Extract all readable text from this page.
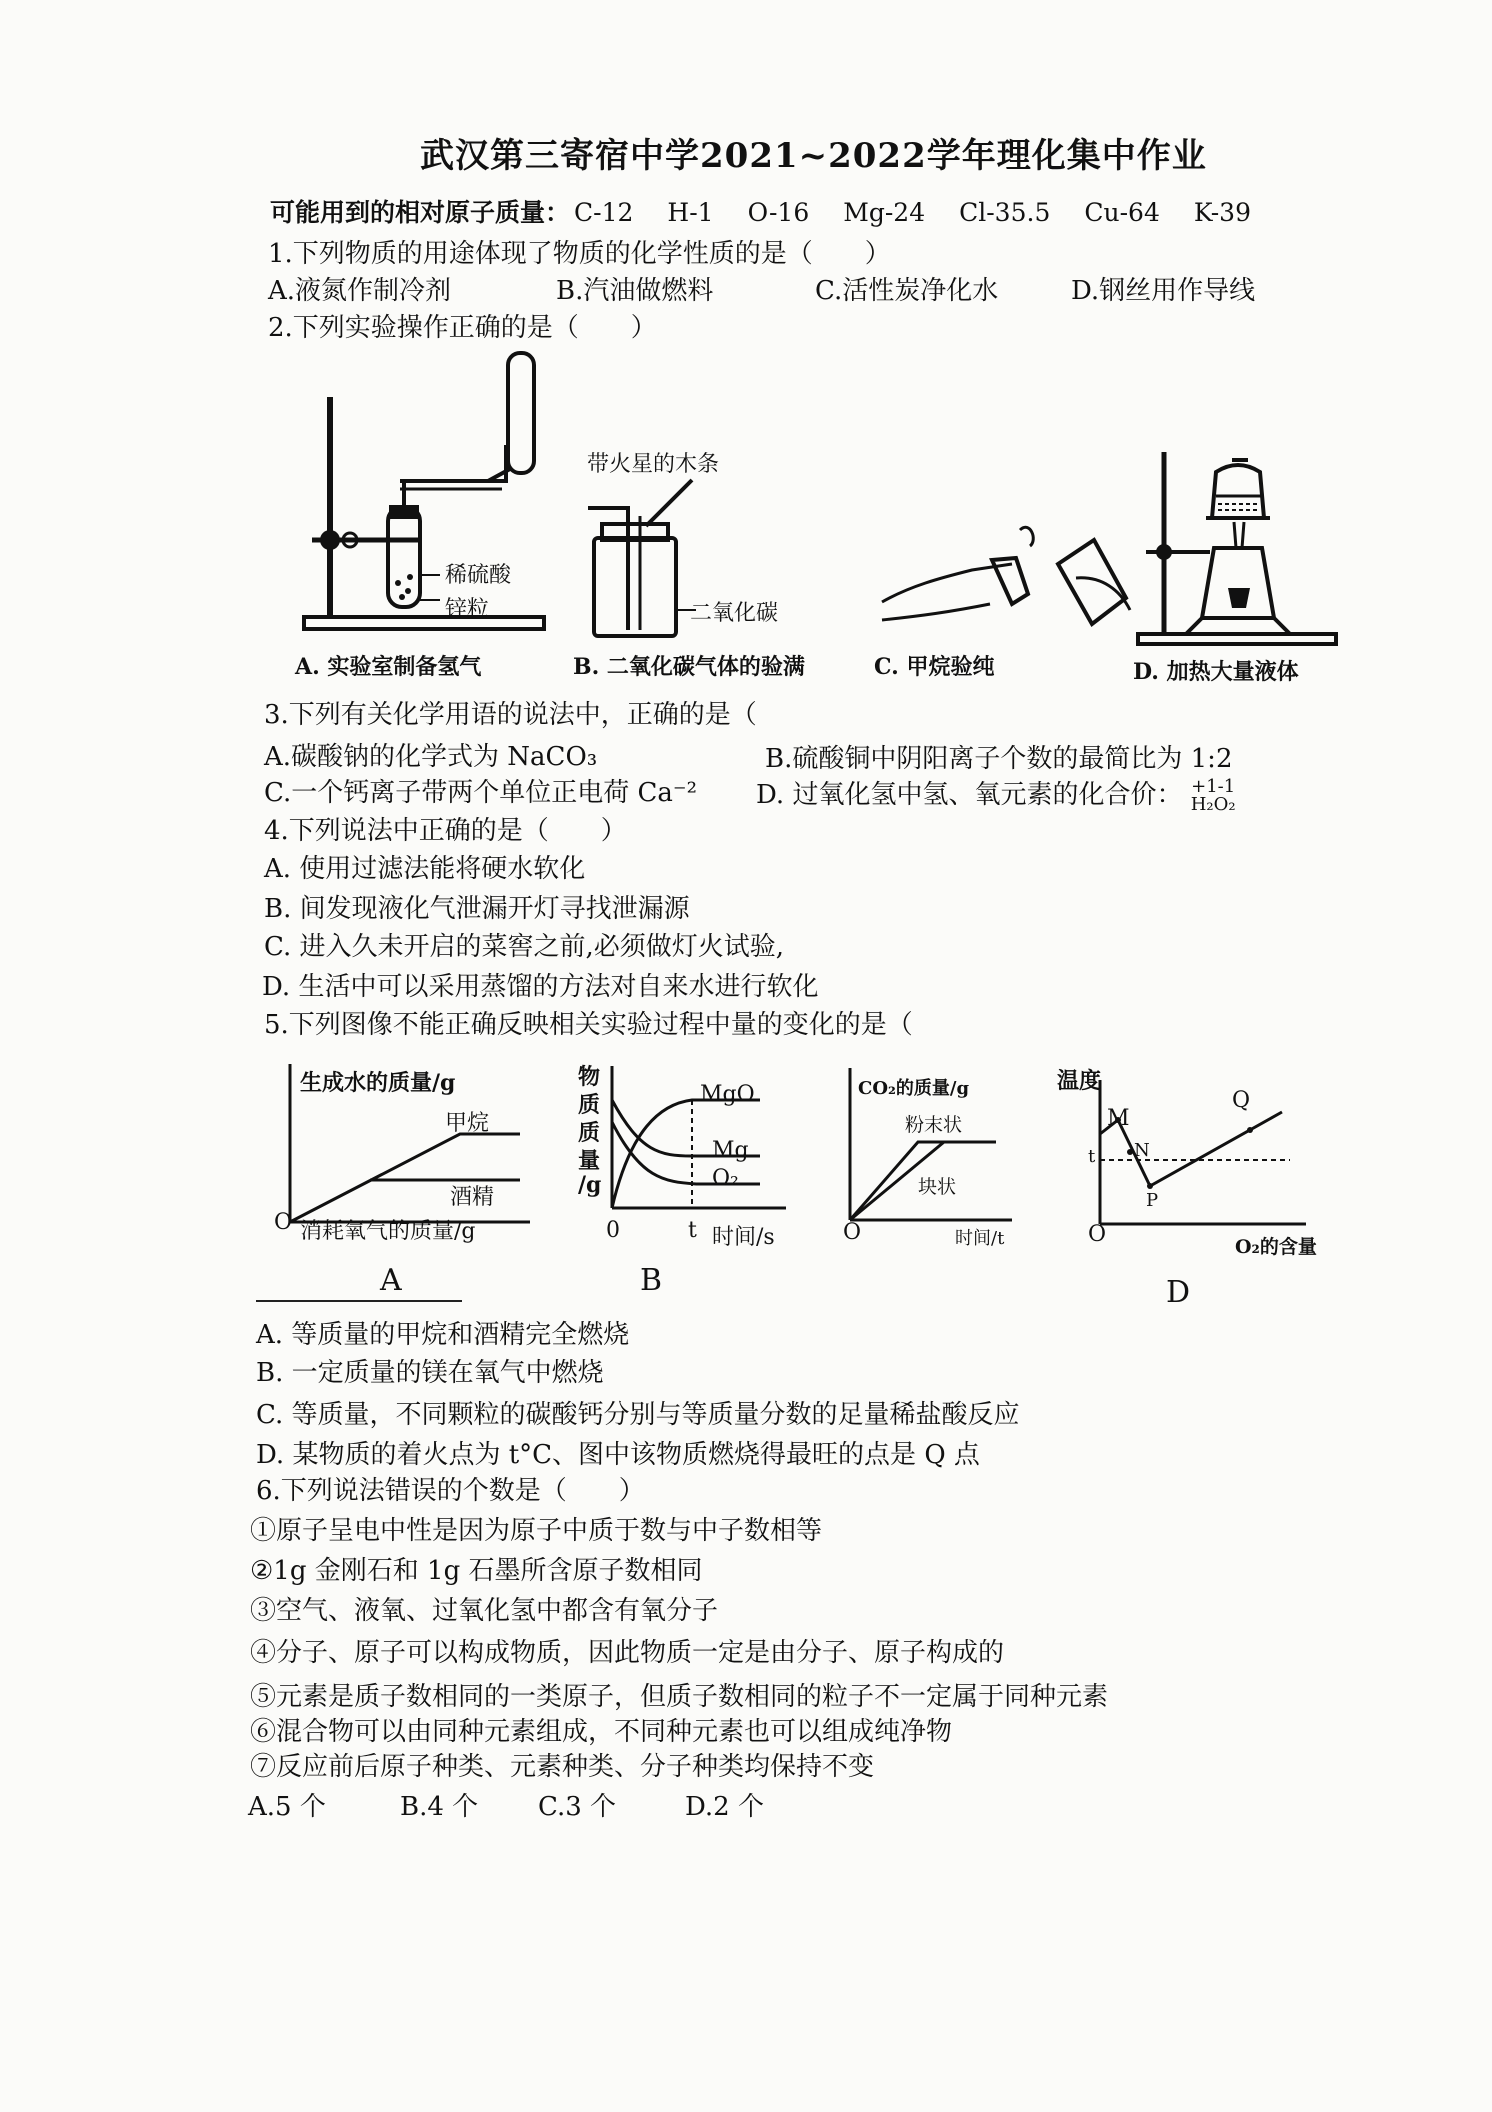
武汉第三寄宿中学2021~2022学年理化集中作业
可能用到的相对原子质量： C-12 H-1 O-16 Mg-24 Cl-35.5 Cu-64 K-39
1.下列物质的用途体现了物质的化学性质的是（　　）
A.液氮作制冷剂	B.汽油做燃料	C.活性炭净化水	D.钢丝用作导线
2.下列实验操作正确的是（　　）
稀硫酸
锌粒
带火星的木条
二氧化碳
A. 实验室制备氢气	B. 二氧化碳气体的验满	C. 甲烷验纯	D. 加热大量液体
3.下列有关化学用语的说法中，正确的是（
A.碳酸钠的化学式为 NaCO₃	B.硫酸铜中阴阳离子个数的最简比为 1:2
C.一个钙离子带两个单位正电荷 Ca⁻² D. 过氧化氢中氢、氧元素的化合价： +1-1
H₂O₂
4.下列说法中正确的是（　　）
A. 使用过滤法能将硬水软化
B. 间发现液化气泄漏开灯寻找泄漏源
C. 进入久未开启的菜窖之前,必须做灯火试验,
D. 生活中可以采用蒸馏的方法对自来水进行软化
5.下列图像不能正确反映相关实验过程中量的变化的是（
生成水的质量/g
甲烷
酒精
O 消耗氧气的质量/g
A
物
质
质
量
/g
MgO
Mg
O₂
0	t 时间/s
B
CO₂的质量/g
粉末状
块状
O	时间/t
温度
M
N
P
Q
t
O	O₂的含量
D
A. 等质量的甲烷和酒精完全燃烧
B. 一定质量的镁在氧气中燃烧
C. 等质量，不同颗粒的碳酸钙分别与等质量分数的足量稀盐酸反应
D. 某物质的着火点为 t°C、图中该物质燃烧得最旺的点是 Q 点
6.下列说法错误的个数是（　　）
①原子呈电中性是因为原子中质于数与中子数相等
②1g 金刚石和 1g 石墨所含原子数相同
③空气、液氧、过氧化氢中都含有氧分子
④分子、原子可以构成物质，因此物质一定是由分子、原子构成的
⑤元素是质子数相同的一类原子，但质子数相同的粒子不一定属于同种元素
⑥混合物可以由同种元素组成，不同种元素也可以组成纯净物
⑦反应前后原子种类、元素种类、分子种类均保持不变
A.5 个	B.4 个 C.3 个	D.2 个
